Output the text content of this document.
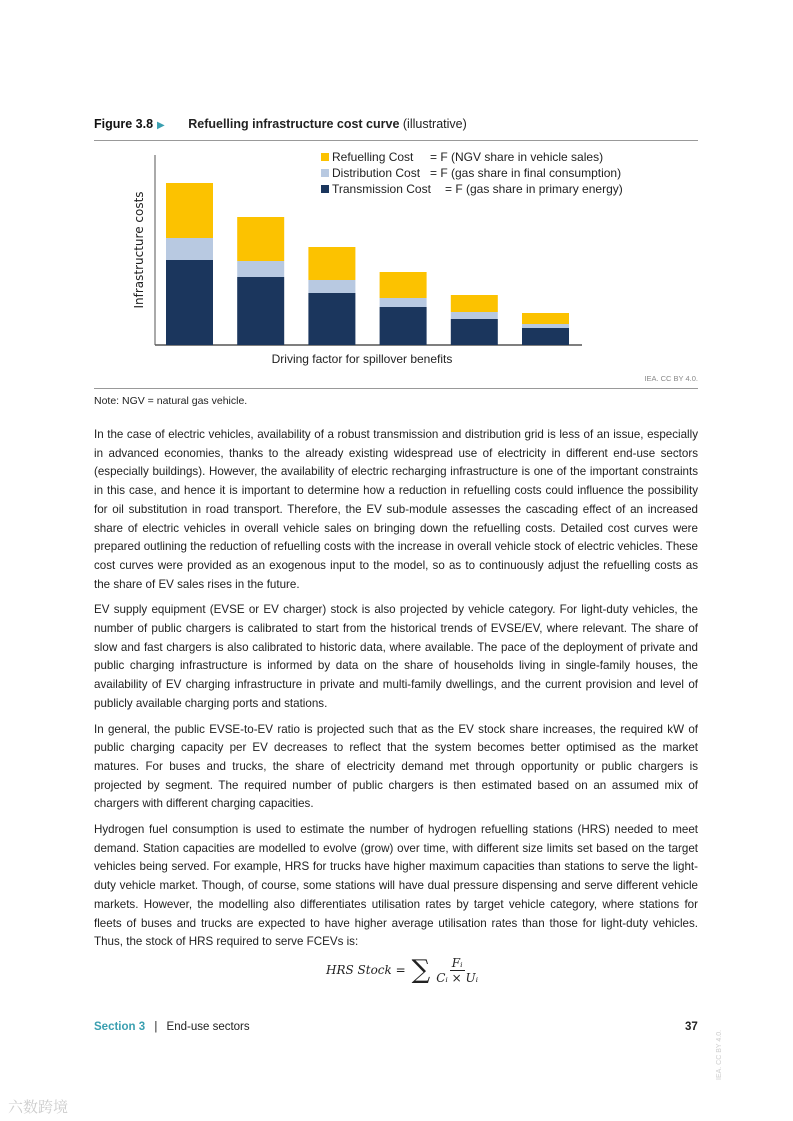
Figure 3.8 ▶ Refuelling infrastructure cost curve (illustrative)
Driving factor for spillover benefits
Infrastructure costs
Refuelling Cost = F (NGV share in vehicle sales)
Distribution Cost = F (gas share in final consumption)
Transmission Cost = F (gas share in primary energy)
IEA. CC BY 4.0.
Note: NGV = natural gas vehicle.

In the case of electric vehicles, availability of a robust transmission and distribution grid is less of an issue, especially in advanced economies, thanks to the already existing widespread use of electricity in different end-use sectors (especially buildings). However, the availability of electric recharging infrastructure is one of the important constraints in this case, and hence it is important to determine how a reduction in refuelling costs could influence the possibility for oil substitution in road transport. Therefore, the EV sub-module assesses the cascading effect of an increased share of electric vehicles in overall vehicle sales on bringing down the refuelling costs. Detailed cost curves were prepared outlining the reduction of refuelling costs with the increase in overall vehicle stock of electric vehicles. These cost curves were provided as an exogenous input to the model, so as to continuously adjust the refuelling costs as the share of EV sales rises in the future.

EV supply equipment (EVSE or EV charger) stock is also projected by vehicle category. For light-duty vehicles, the number of public chargers is calibrated to start from the historical trends of EVSE/EV, where relevant. The share of slow and fast chargers is also calibrated to historic data, where available. The pace of the deployment of private and public charging infrastructure is informed by data on the share of households living in single-family houses, the availability of EV charging infrastructure in private and multi-family dwellings, and the current provision and level of publicly available charging ports and stations.

In general, the public EVSE-to-EV ratio is projected such that as the EV stock share increases, the required kW of public charging capacity per EV decreases to reflect that the system becomes better optimised as the market matures. For buses and trucks, the share of electricity demand met through opportunity or public chargers is projected by segment. The required number of public chargers is then estimated based on an assumed mix of chargers with different charging capacities.

Hydrogen fuel consumption is used to estimate the number of hydrogen refuelling stations (HRS) needed to meet demand. Station capacities are modelled to evolve (grow) over time, with different size limits set based on the target vehicles being served. For example, HRS for trucks have higher maximum capacities than stations to serve the light-duty vehicle market. Though, of course, some stations will have dual pressure dispensing and serve different vehicle markets. However, the modelling also differentiates utilisation rates by target vehicle category, where stations for fleets of buses and trucks are expected to have higher average utilisation rates than those for light-duty vehicles. Thus, the stock of HRS required to serve FCEVs is:

HRS Stock = ∑ $\frac{\text{Fᵢ}}{\text{Cᵢ × Uᵢ}}$
Section 3 | End-use sectors	37
IEA. CC BY 4.0.
六数跨境
